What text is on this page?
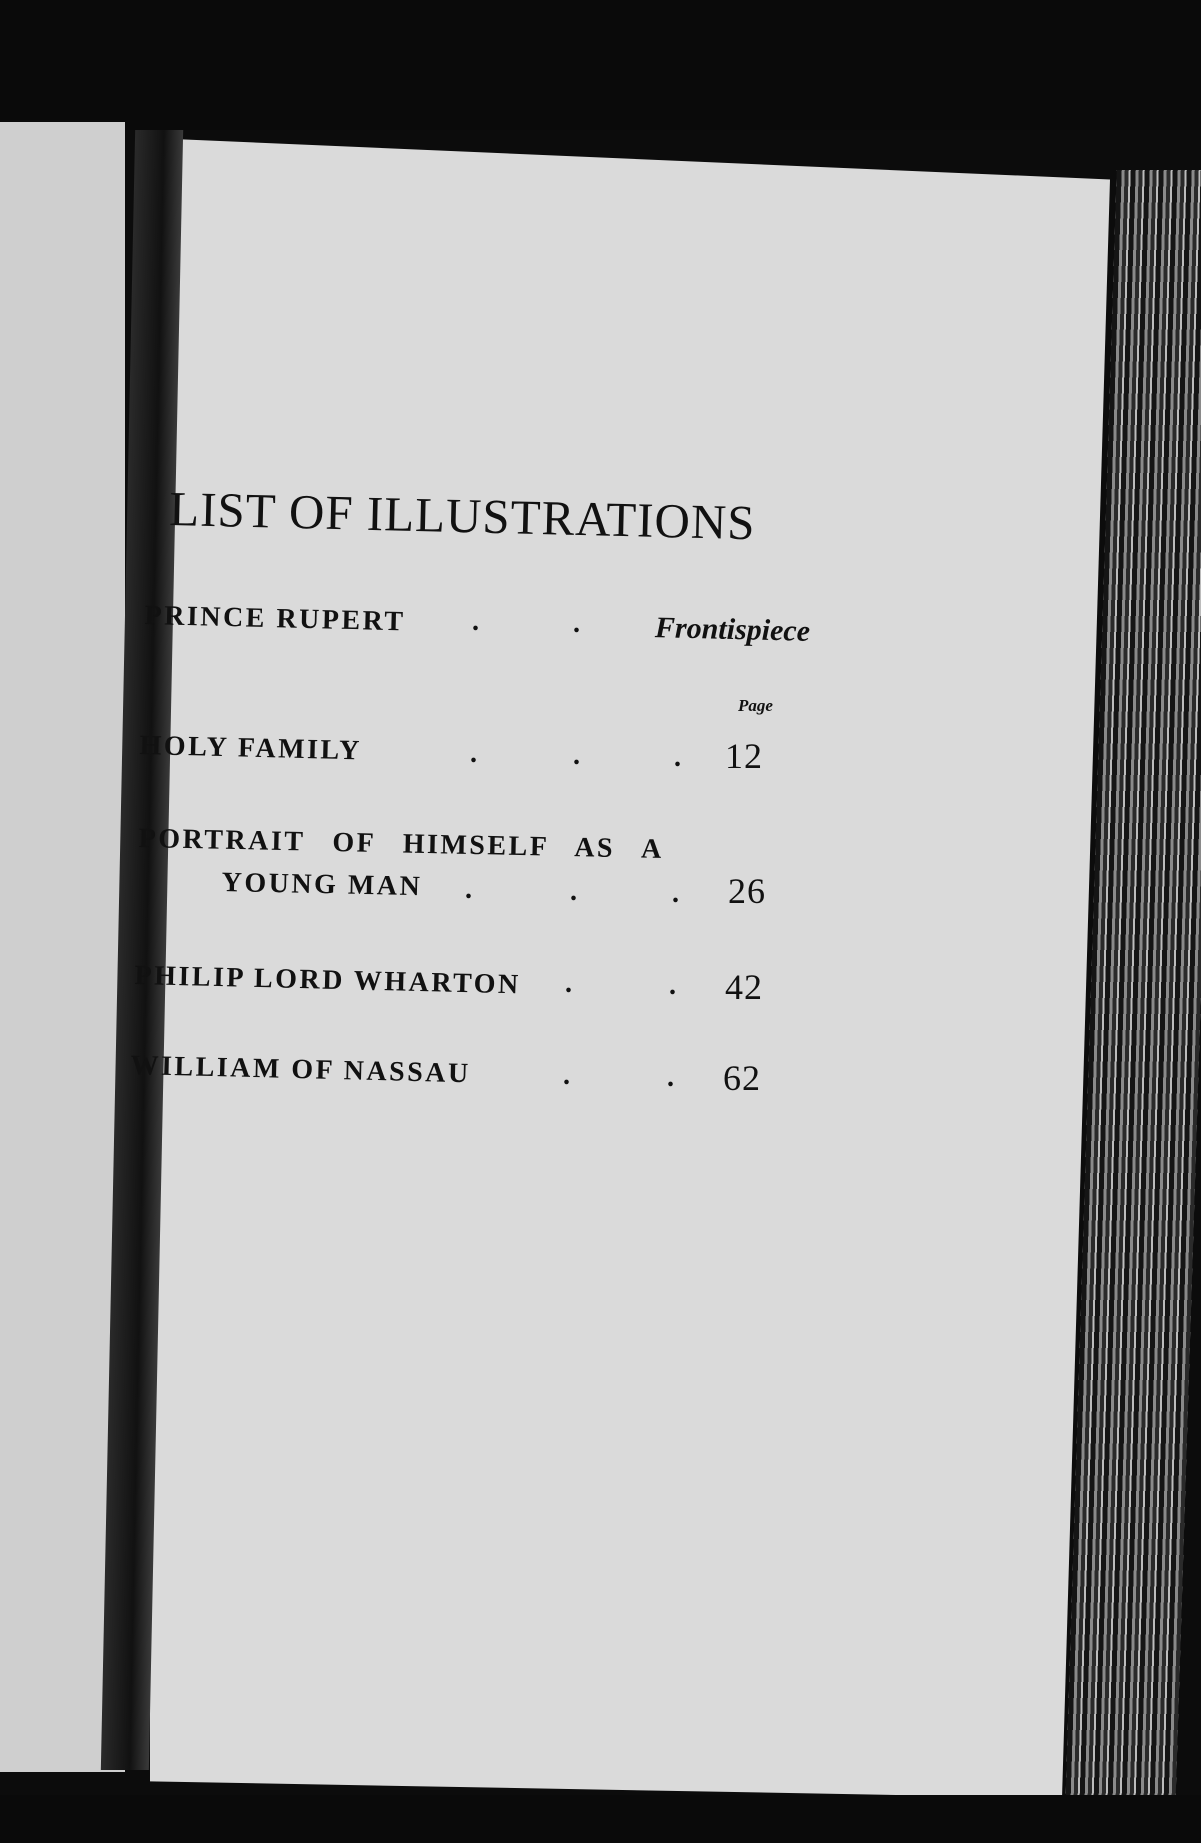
LIST OF ILLUSTRATIONS
PRINCE RUPERT .	. Frontispiece
Page
HOLY FAMILY	.	.	. 12
PORTRAIT OF HIMSELF AS A
YOUNG MAN .	.	. 26
PHILIP LORD WHARTON .	. 42
WILLIAM OF NASSAU	.	. 62
